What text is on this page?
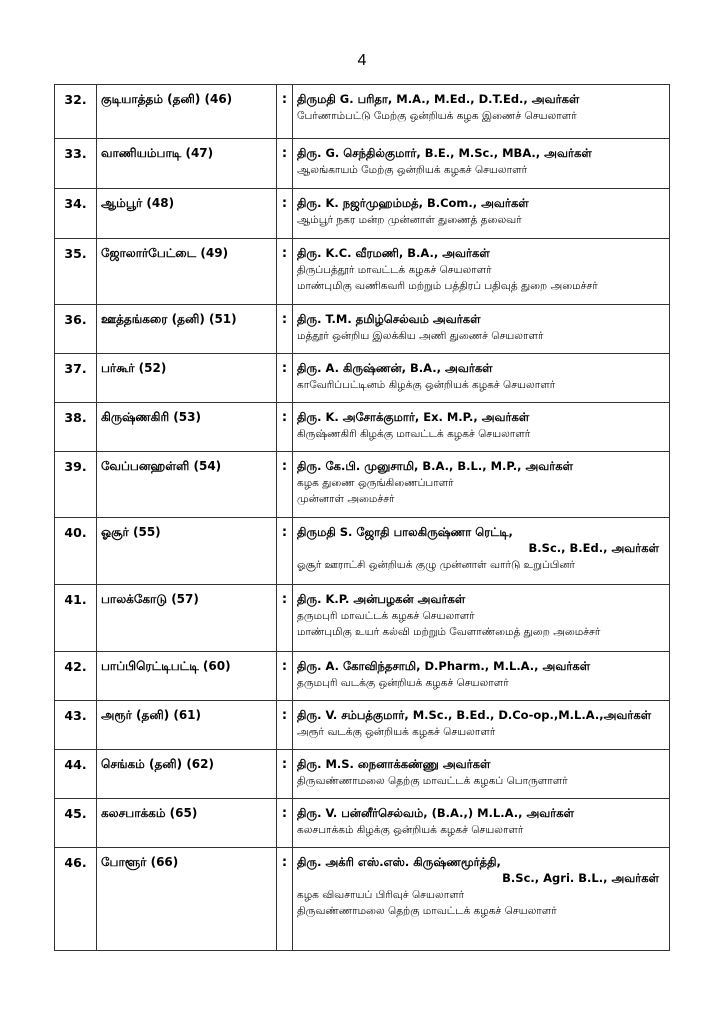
4
32.	குடியாத்தம் (தனி) (46)	:	திருமதி G. பரிதா, M.A., M.Ed., D.T.Ed., அவர்கள்
பேர்ணாம்பட்டு மேற்கு ஒன்றியக் கழக இணைச் செயலாளர்

33.	வாணியம்பாடி (47)	:	திரு. G. செந்தில்குமார், B.E., M.Sc., MBA., அவர்கள்
ஆலங்காயம் மேற்கு ஒன்றியக் கழகச் செயலாளர்

34.	ஆம்பூர் (48)	:	திரு. K. நஜர்முஹம்மத், B.Com., அவர்கள்
ஆம்பூர் நகர மன்ற முன்னாள் துணைத் தலைவர்

35.	ஜோலார்பேட்டை (49)	:	திரு. K.C. வீரமணி, B.A., அவர்கள்
திருப்பத்தூர் மாவட்டக் கழகச் செயலாளர்
மாண்புமிகு வணிகவரி மற்றும் பத்திரப் பதிவுத் துறை அமைச்சர்

36.	ஊத்தங்கரை (தனி) (51)	:	திரு. T.M. தமிழ்செல்வம் அவர்கள்
மத்தூர் ஒன்றிய இலக்கிய அணி துணைச் செயலாளர்

37.	பர்கூர் (52)	:	திரு. A. கிருஷ்ணன், B.A., அவர்கள்
காவேரிப்பட்டினம் கிழக்கு ஒன்றியக் கழகச் செயலாளர்

38.	கிருஷ்ணகிரி (53)	:	திரு. K. அசோக்குமார், Ex. M.P., அவர்கள்
கிருஷ்ணகிரி கிழக்கு மாவட்டக் கழகச் செயலாளர்

39.	வேப்பனஹள்ளி (54)	:	திரு. கே.பி. முனுசாமி, B.A., B.L., M.P., அவர்கள்
கழக துணை ஒருங்கிணைப்பாளர்
முன்னாள் அமைச்சர்

40.	ஓசூர் (55)	:	திருமதி S. ஜோதி பாலகிருஷ்ணா ரெட்டி,
B.Sc., B.Ed., அவர்கள்
ஓசூர் ஊராட்சி ஒன்றியக் குழு முன்னாள் வார்டு உறுப்பினர்

41.	பாலக்கோடு (57)	:	திரு. K.P. அன்பழகன் அவர்கள்
தருமபுரி மாவட்டக் கழகச் செயலாளர்
மாண்புமிகு உயர் கல்வி மற்றும் வேளாண்மைத் துறை அமைச்சர்

42.	பாப்பிரெட்டிபட்டி (60)	:	திரு. A. கோவிந்தசாமி, D.Pharm., M.L.A., அவர்கள்
தருமபுரி வடக்கு ஒன்றியக் கழகச் செயலாளர்

43.	அரூர் (தனி) (61)	:	திரு. V. சம்பத்குமார், M.Sc., B.Ed., D.Co-op.,M.L.A.,அவர்கள்
அரூர் வடக்கு ஒன்றியக் கழகச் செயலாளர்

44.	செங்கம் (தனி) (62)	:	திரு. M.S. நைனாக்கண்ணு அவர்கள்
திருவண்ணாமலை தெற்கு மாவட்டக் கழகப் பொருளாளர்

45.	கலசபாக்கம் (65)	:	திரு. V. பன்னீர்செல்வம், (B.A.,) M.L.A., அவர்கள்
கலசபாக்கம் கிழக்கு ஒன்றியக் கழகச் செயலாளர்

46.	போளூர் (66)	:	திரு. அக்ரி எஸ்.எஸ். கிருஷ்ணமூர்த்தி,
B.Sc., Agri. B.L., அவர்கள்
கழக விவசாயப் பிரிவுச் செயலாளர்
திருவண்ணாமலை தெற்கு மாவட்டக் கழகச் செயலாளர்
